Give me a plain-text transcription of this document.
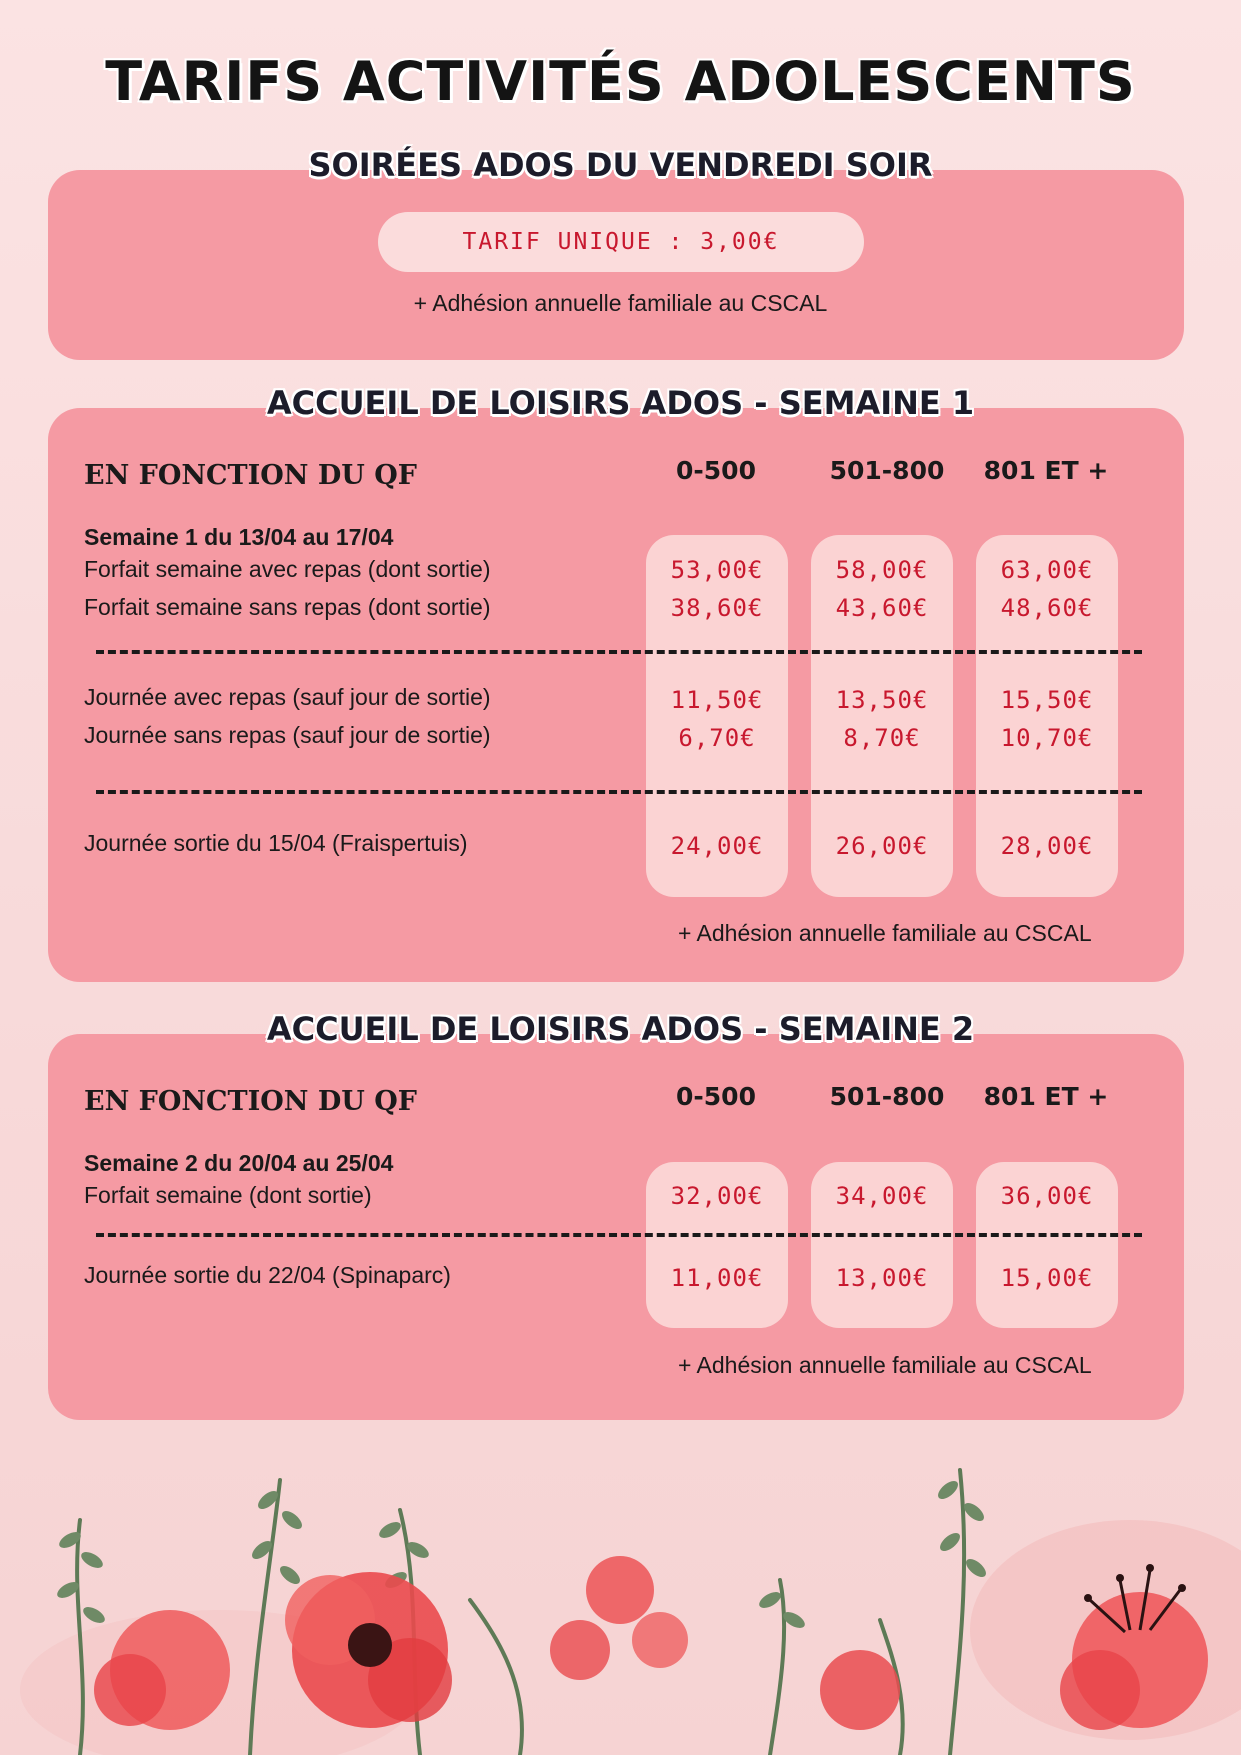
TARIFS ACTIVITÉS ADOLESCENTS
SOIRÉES ADOS DU VENDREDI SOIR
TARIF UNIQUE : 3,00€
+ Adhésion annuelle familiale au CSCAL
ACCUEIL DE LOISIRS ADOS - SEMAINE 1
EN FONCTION DU QF	0-500	501-800	801 ET +
Semaine 1 du 13/04 au 17/04
Forfait semaine avec repas (dont sortie)	53,00€	58,00€	63,00€
Forfait semaine sans repas (dont sortie)	38,60€	43,60€	48,60€
Journée avec repas (sauf jour de sortie)	11,50€	13,50€	15,50€
Journée sans repas (sauf jour de sortie)	6,70€	8,70€	10,70€
Journée sortie du 15/04 (Fraispertuis)	24,00€	26,00€	28,00€
+ Adhésion annuelle familiale au CSCAL
ACCUEIL DE LOISIRS ADOS - SEMAINE 2
EN FONCTION DU QF	0-500	501-800	801 ET +
Semaine 2 du 20/04 au 25/04
Forfait semaine (dont sortie)	32,00€	34,00€	36,00€
Journée sortie du 22/04 (Spinaparc)	11,00€	13,00€	15,00€
+ Adhésion annuelle familiale au CSCAL
